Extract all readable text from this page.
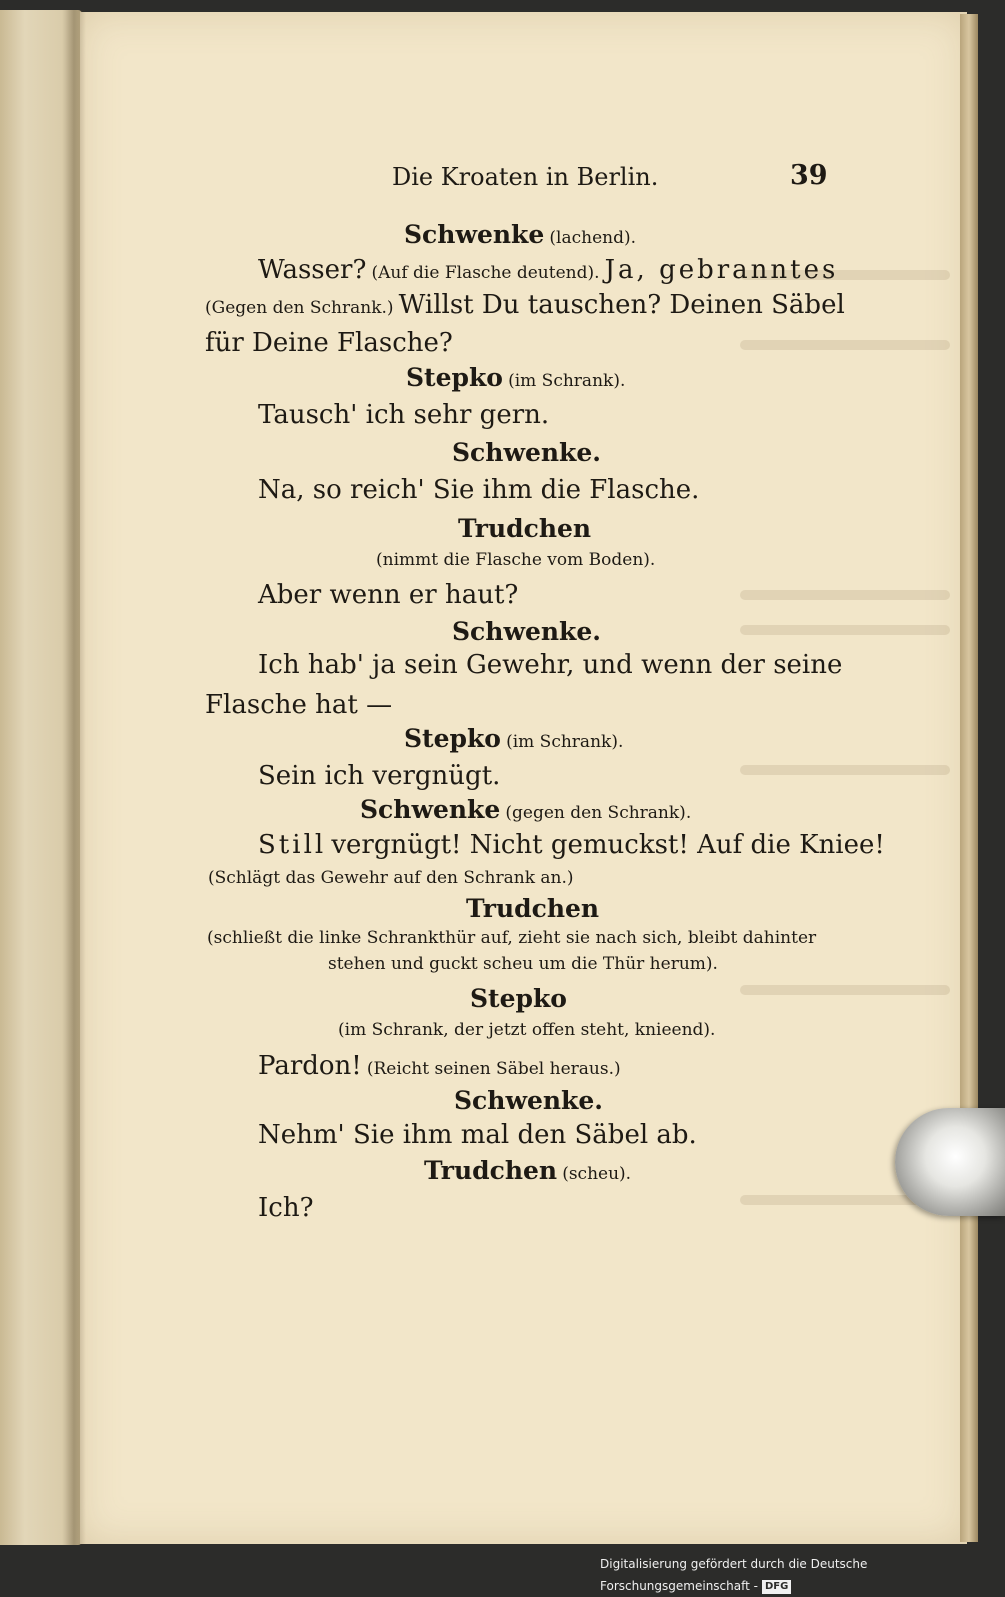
Die Kroaten in Berlin.	39
Schwenke (lachend).
Wasser? (Auf die Flasche deutend). Ja, gebranntes
(Gegen den Schrank.) Willst Du tauschen? Deinen Säbel
für Deine Flasche?
Stepko (im Schrank).
Tausch' ich sehr gern.
Schwenke.
Na, so reich' Sie ihm die Flasche.
Trudchen
(nimmt die Flasche vom Boden).
Aber wenn er haut?
Schwenke.
Ich hab' ja sein Gewehr, und wenn der seine
Flasche hat —
Stepko (im Schrank).
Sein ich vergnügt.
Schwenke (gegen den Schrank).
Still vergnügt! Nicht gemuckst! Auf die Kniee!
(Schlägt das Gewehr auf den Schrank an.)
Trudchen
(schließt die linke Schrankthür auf, zieht sie nach sich, bleibt dahinter
stehen und guckt scheu um die Thür herum).
Stepko
(im Schrank, der jetzt offen steht, knieend).
Pardon! (Reicht seinen Säbel heraus.)
Schwenke.
Nehm' Sie ihm mal den Säbel ab.
Trudchen (scheu).
Ich?
Digitalisierung gefördert durch die Deutsche Forschungsgemeinschaft - DFG
